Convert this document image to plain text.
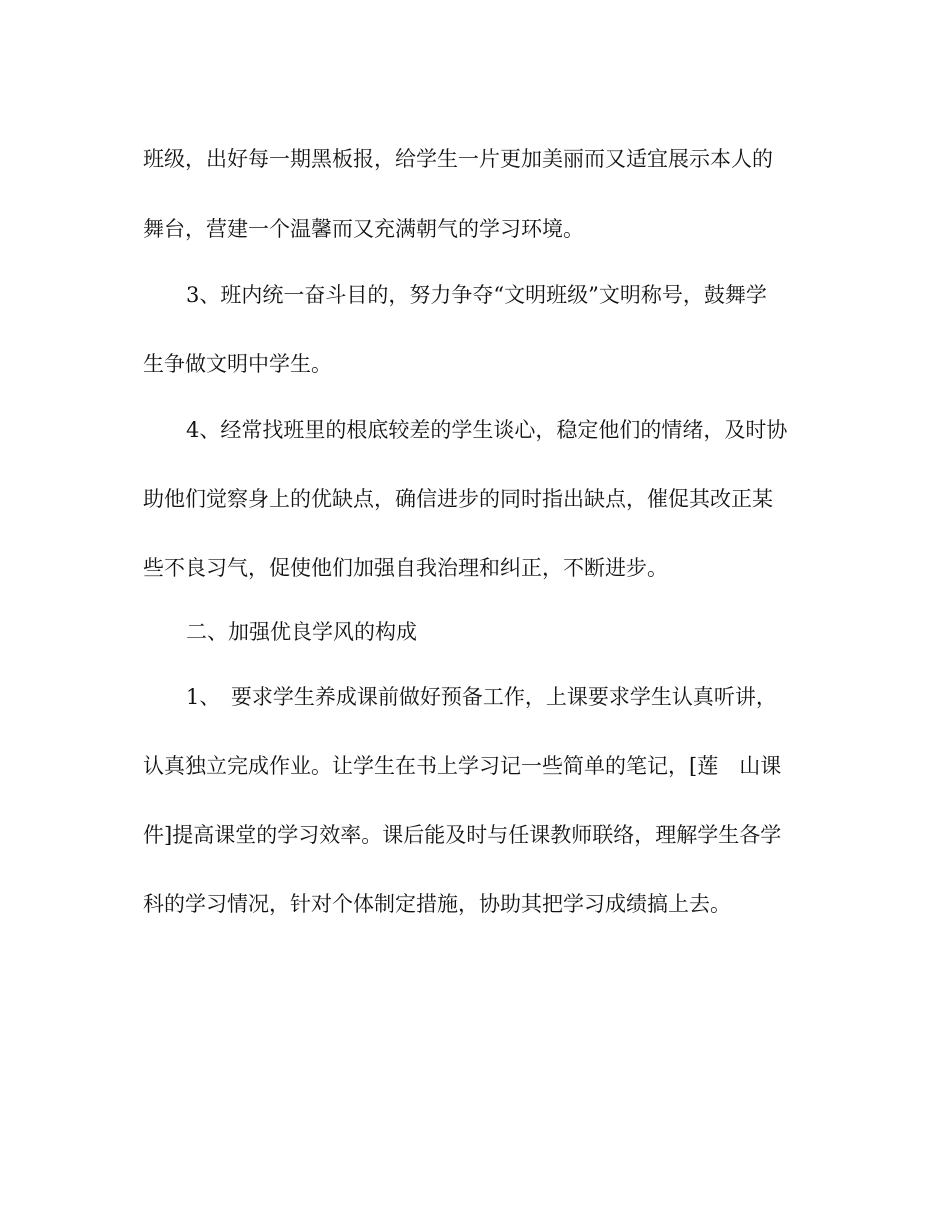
班级，出好每一期黑板报，给学生一片更加美丽而又适宜展示本人的
舞台，营建一个温馨而又充满朝气的学习环境。
3、班内统一奋斗目的，努力争夺“文明班级”文明称号，鼓舞学
生争做文明中学生。
4、经常找班里的根底较差的学生谈心，稳定他们的情绪，及时协
助他们觉察身上的优缺点，确信进步的同时指出缺点，催促其改正某
些不良习气，促使他们加强自我治理和纠正，不断进步。
二、加强优良学风的构成
1、　要求学生养成课前做好预备工作，上课要求学生认真听讲，
认真独立完成作业。让学生在书上学习记一些简单的笔记，[莲　山课
件]提高课堂的学习效率。课后能及时与任课教师联络，理解学生各学
科的学习情况，针对个体制定措施，协助其把学习成绩搞上去。
